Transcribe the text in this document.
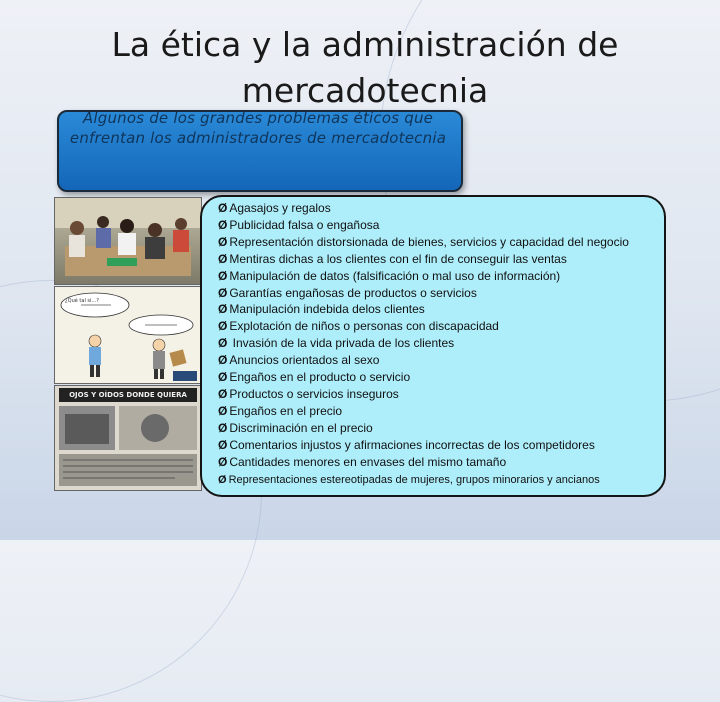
La ética y la administración de mercadotecnia
Algunos de los grandes problemas éticos que enfrentan los administradores de mercadotecnia
¿Qué tal si...?
OJOS Y OÍDOS DONDE QUIERA
Ø Agasajos y regalos
Ø Publicidad falsa o engañosa
Ø Representación distorsionada de bienes, servicios y capacidad del negocio
Ø Mentiras dichas a los clientes con el fin de conseguir las ventas
Ø Manipulación de datos (falsificación o mal uso de información)
Ø Garantías engañosas de productos o servicios
Ø Manipulación indebida delos clientes
Ø Explotación de niños o personas con discapacidad
Ø Invasión de la vida privada de los clientes
Ø Anuncios orientados al sexo
Ø Engaños en el producto o servicio
Ø Productos o servicios inseguros
Ø Engaños en el precio
Ø Discriminación en el precio
Ø Comentarios injustos y afirmaciones incorrectas de los competidores
Ø Cantidades menores en envases del mismo tamaño
Ø Representaciones estereotipadas de mujeres, grupos minorarios y ancianos
